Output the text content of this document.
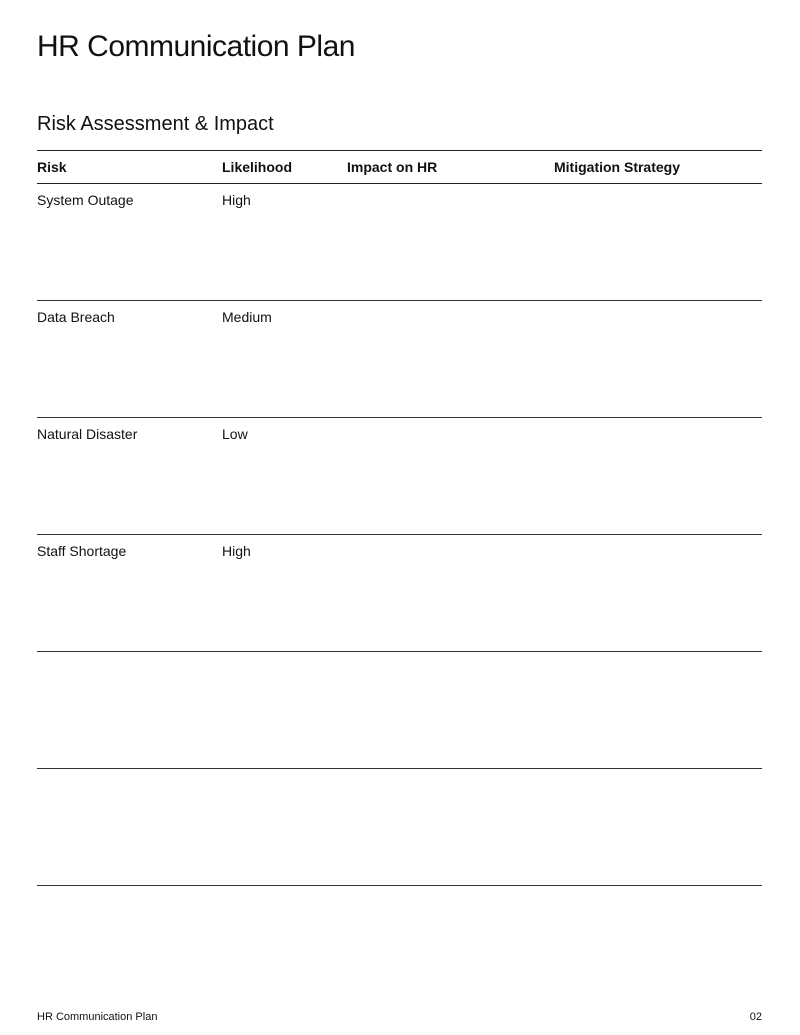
HR Communication Plan
Risk Assessment & Impact
Risk	Likelihood	Impact on HR	Mitigation Strategy
System Outage	High		
Data Breach	Medium		
Natural Disaster	Low		
Staff Shortage	High		

HR Communication Plan	02
